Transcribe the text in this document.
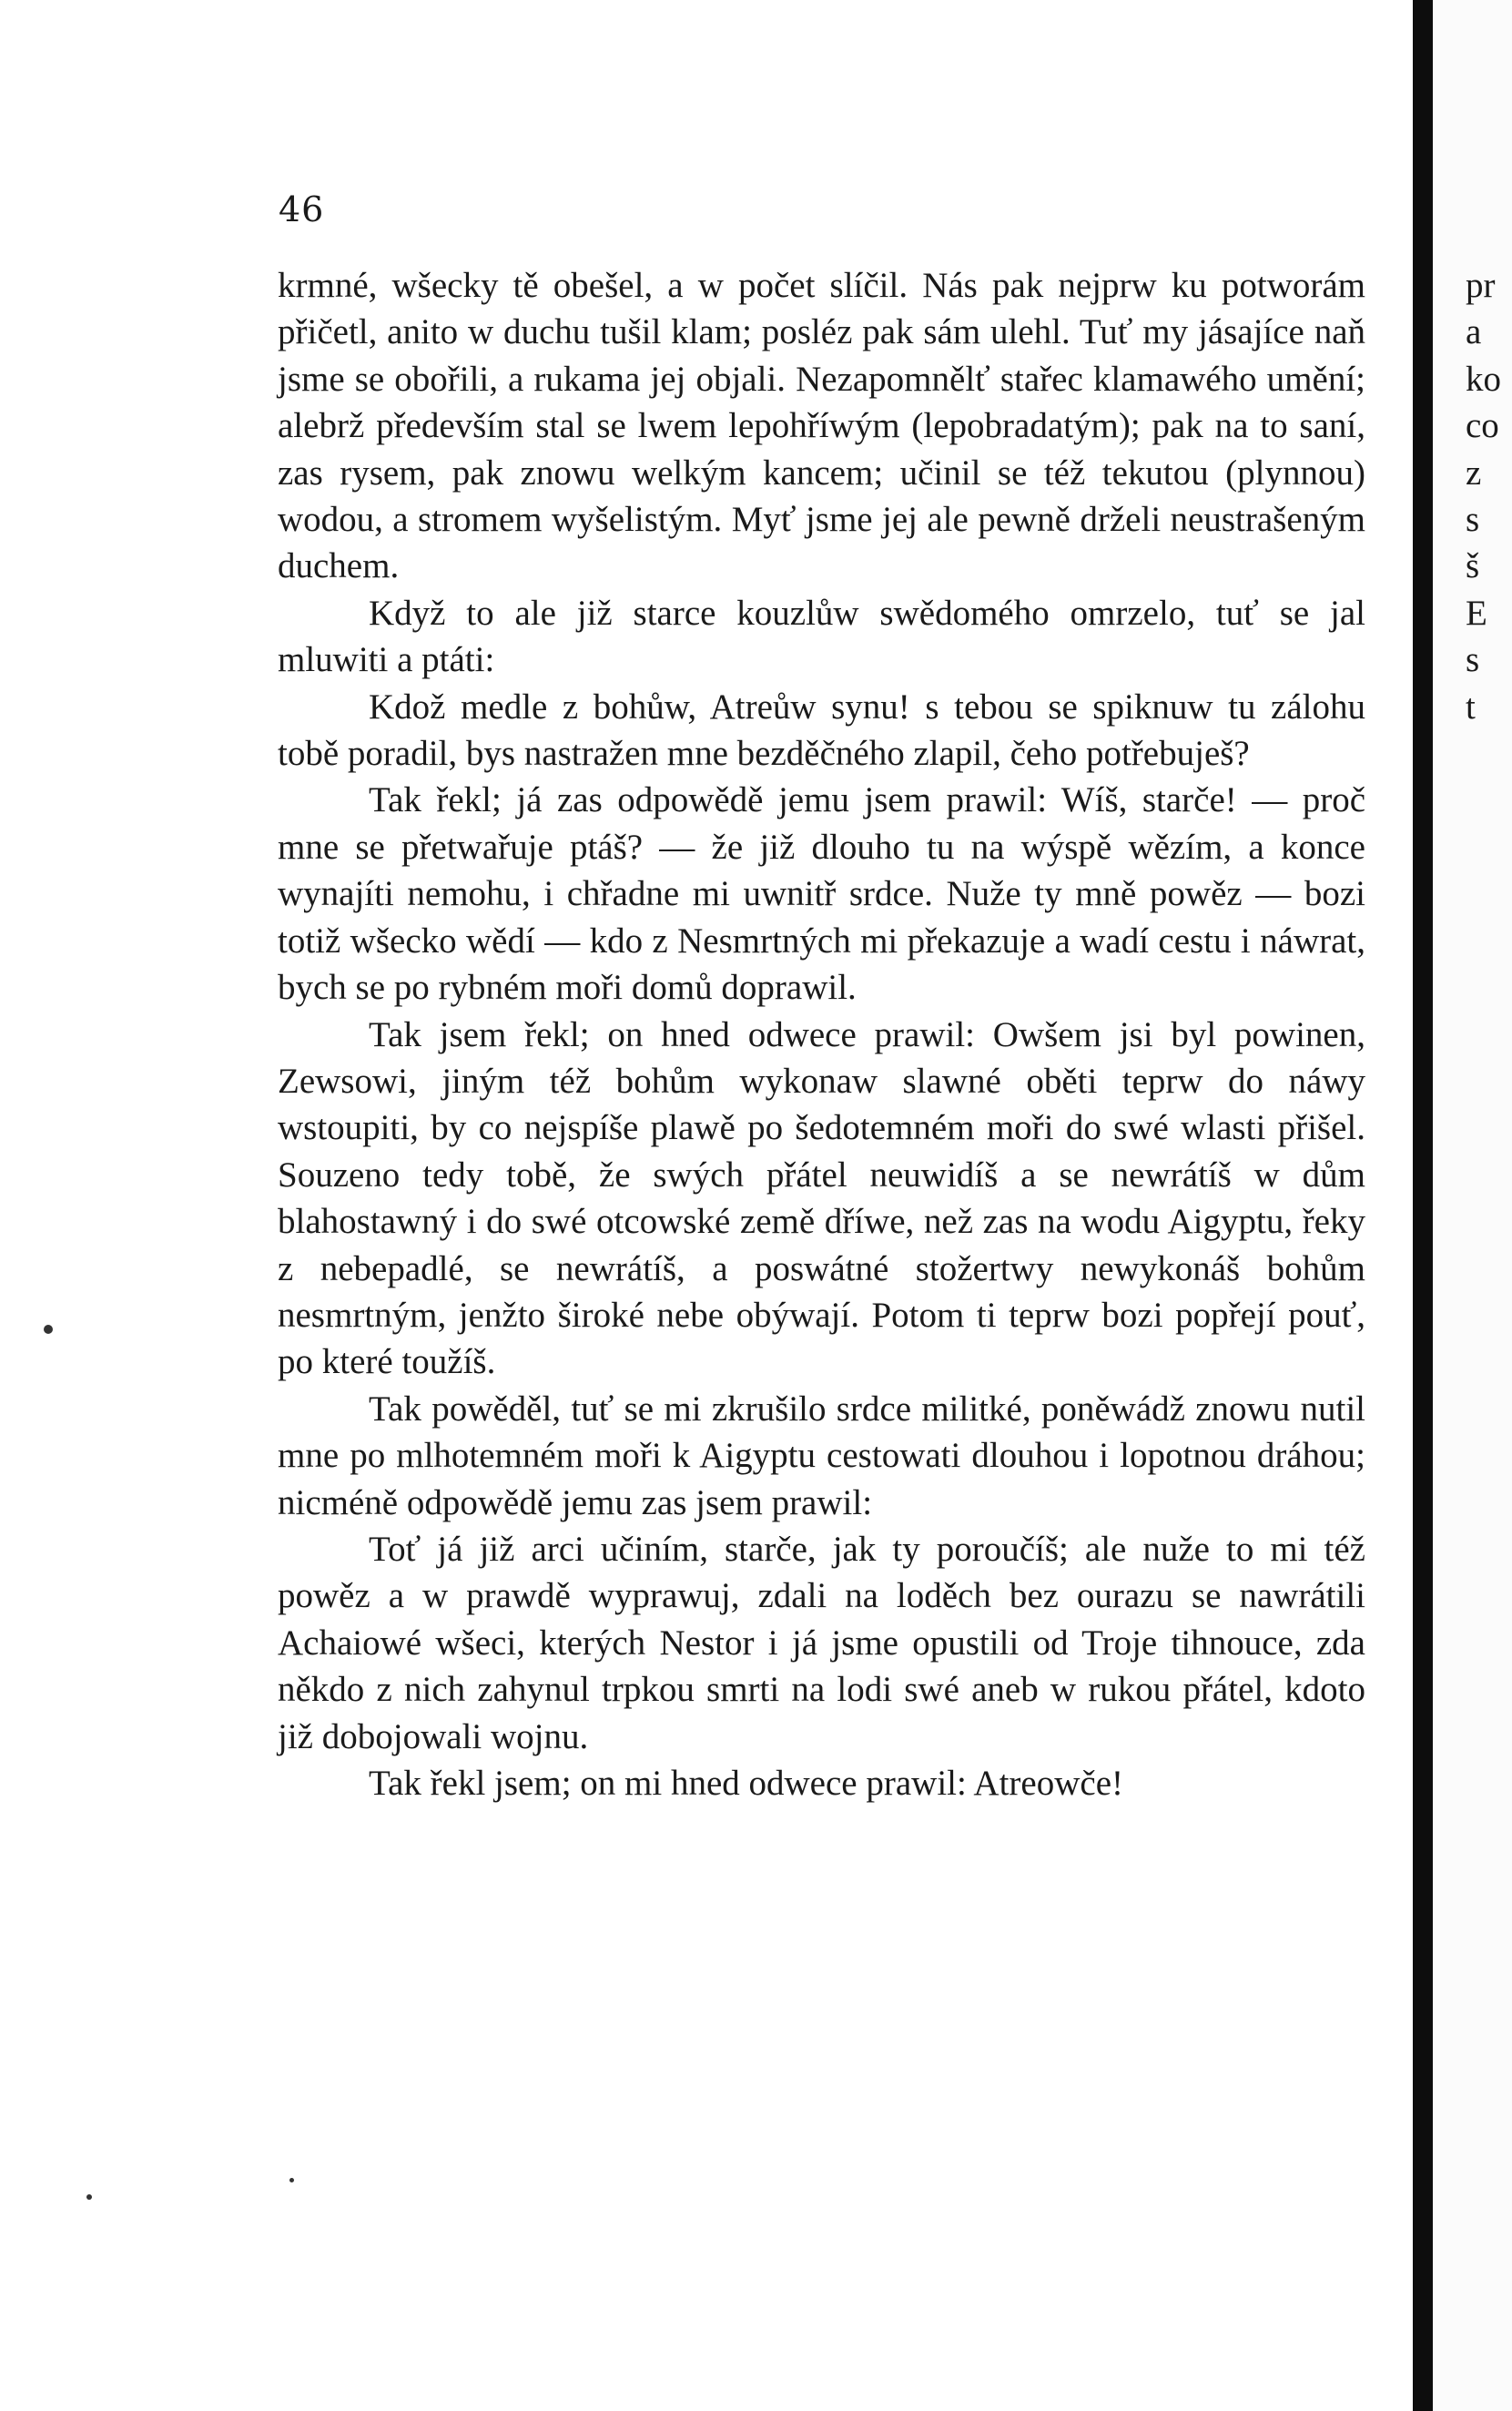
46

krmné, wšecky tě obešel, a w počet slíčil. Nás pak nejprw ku potworám přičetl, anito w duchu tušil klam; posléz pak sám ulehl. Tuť my jásajíce naň jsme se obořili, a rukama jej objali. Nezapomnělť stařec klamawého umění; alebrž především stal se lwem lepohříwým (lepobradatým); pak na to saní, zas rysem, pak znowu welkým kancem; učinil se též tekutou (plynnou) wodou, a stromem wyšelistým. Myť jsme jej ale pewně drželi neustrašeným duchem.

Když to ale již starce kouzlůw swědomého omrzelo, tuť se jal mluwiti a ptáti:

Kdož medle z bohůw, Atreůw synu! s tebou se spiknuw tu zálohu tobě poradil, bys nastražen mne bezděčného zlapil, čeho potřebuješ?

Tak řekl; já zas odpowědě jemu jsem prawil: Wíš, starče! — proč mne se přetwařuje ptáš? — že již dlouho tu na wýspě wězím, a konce wynajíti nemohu, i chřadne mi uwnitř srdce. Nuže ty mně powěz — bozi totiž wšecko wědí — kdo z Nesmrtných mi překazuje a wadí cestu i náwrat, bych se po rybném moři domů doprawil.

Tak jsem řekl; on hned odwece prawil: Owšem jsi byl powinen, Zewsowi, jiným též bohům wykonaw slawné oběti teprw do náwy wstoupiti, by co nejspíše plawě po šedotemném moři do swé wlasti přišel. Souzeno tedy tobě, že swých přátel neuwidíš a se newrátíš w dům blahostawný i do swé otcowské země dříwe, než zas na wodu Aigyptu, řeky z nebepadlé, se newrátíš, a poswátné stožertwy newykonáš bohům nesmrtným, jenžto široké nebe obýwají. Potom ti teprw bozi popřejí pouť, po které toužíš.

Tak powěděl, tuť se mi zkrušilo srdce militké, poněwádž znowu nutil mne po mlhotemném moři k Aigyptu cestowati dlouhou i lopotnou dráhou; nicméně odpowědě jemu zas jsem prawil:

Toť já již arci učiním, starče, jak ty poroučíš; ale nuže to mi též powěz a w prawdě wyprawuj, zdali na loděch bez ourazu se nawrátili Achaiowé wšeci, kterých Nestor i já jsme opustili od Troje tihnouce, zda někdo z nich zahynul trpkou smrti na lodi swé aneb w rukou přátel, kdoto již dobojowali wojnu.

Tak řekl jsem; on mi hned odwece prawil: Atreowče!

pr
a
ko
co
z
s
š
E
s
t
